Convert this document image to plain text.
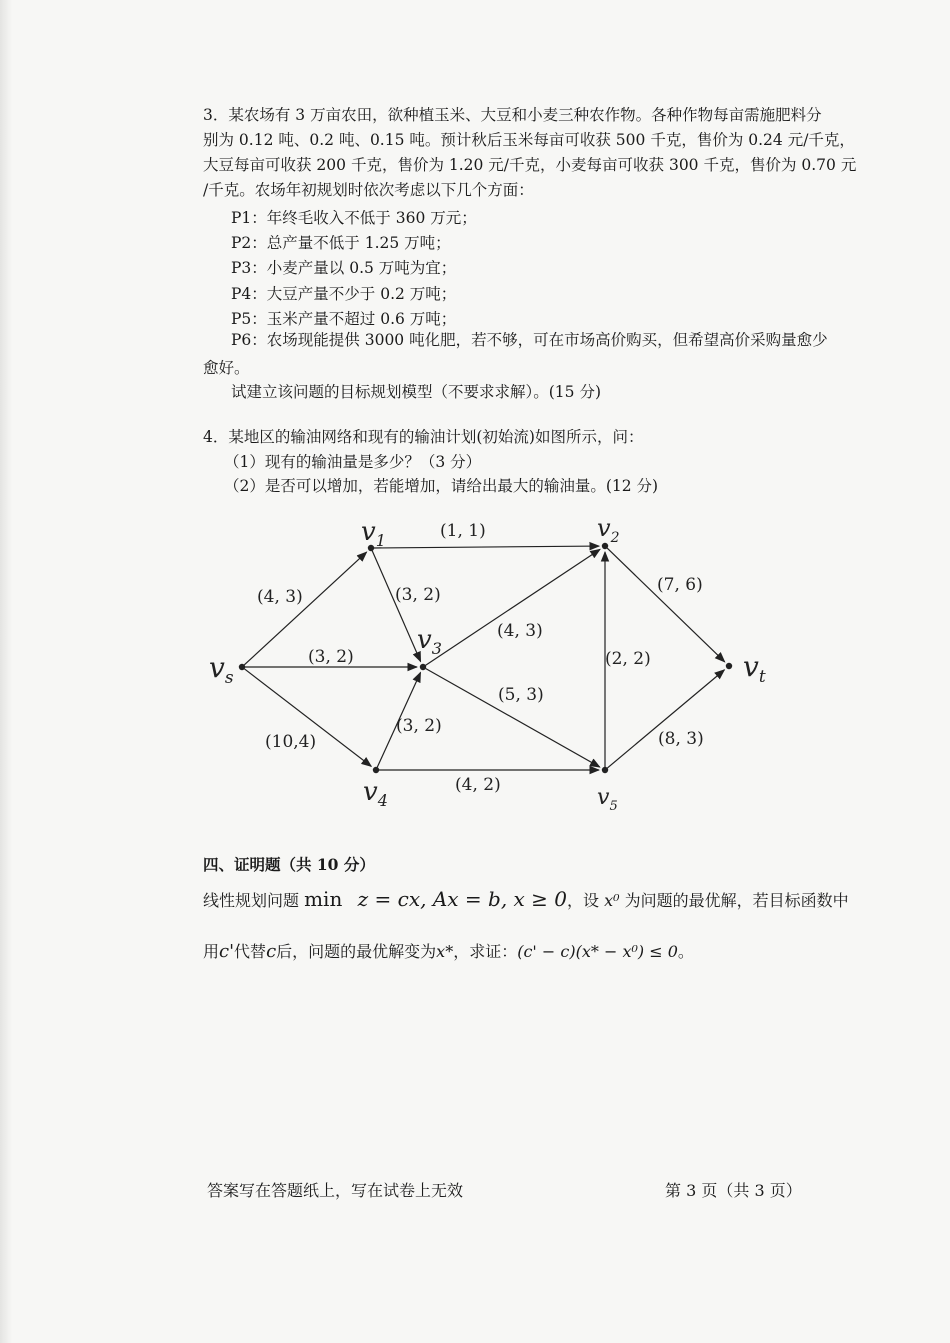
3．某农场有 3 万亩农田，欲种植玉米、大豆和小麦三种农作物。各种作物每亩需施肥料分
别为 0.12 吨、0.2 吨、0.15 吨。预计秋后玉米每亩可收获 500 千克，售价为 0.24 元/千克，
大豆每亩可收获 200 千克，售价为 1.20 元/千克，小麦每亩可收获 300 千克，售价为 0.70 元
/千克。农场年初规划时依次考虑以下几个方面：
P1：年终毛收入不低于 360 万元；
P2：总产量不低于 1.25 万吨；
P3：小麦产量以 0.5 万吨为宜；
P4：大豆产量不少于 0.2 万吨；
P5：玉米产量不超过 0.6 万吨；
P6：农场现能提供 3000 吨化肥，若不够，可在市场高价购买，但希望高价采购量愈少
愈好。
试建立该问题的目标规划模型（不要求求解）。(15 分)
4．某地区的输油网络和现有的输油计划(初始流)如图所示，问：
（1）现有的输油量是多少？（3 分）
（2）是否可以增加，若能增加，请给出最大的输油量。(12 分)
(4, 3)
(3, 2)
(10,4)
(1, 1)
(3, 2)
(4, 3)
(5, 3)
(3, 2)
(4, 2)
(2, 2)
(7, 6)
(8, 3)
$v_s$
$v_1$	$v_2$
$v_3$
$v_4$	$v_5$
$v_t$
四、证明题（共 10 分）
线性规划问题 min z = cx, Ax = b, x ≥ 0，设 x⁰ 为问题的最优解，若目标函数中
用c'代替c后，问题的最优解变为x*，求证：(c' − c)(x* − x⁰) ≤ 0。
答案写在答题纸上，写在试卷上无效	第 3 页（共 3 页）
